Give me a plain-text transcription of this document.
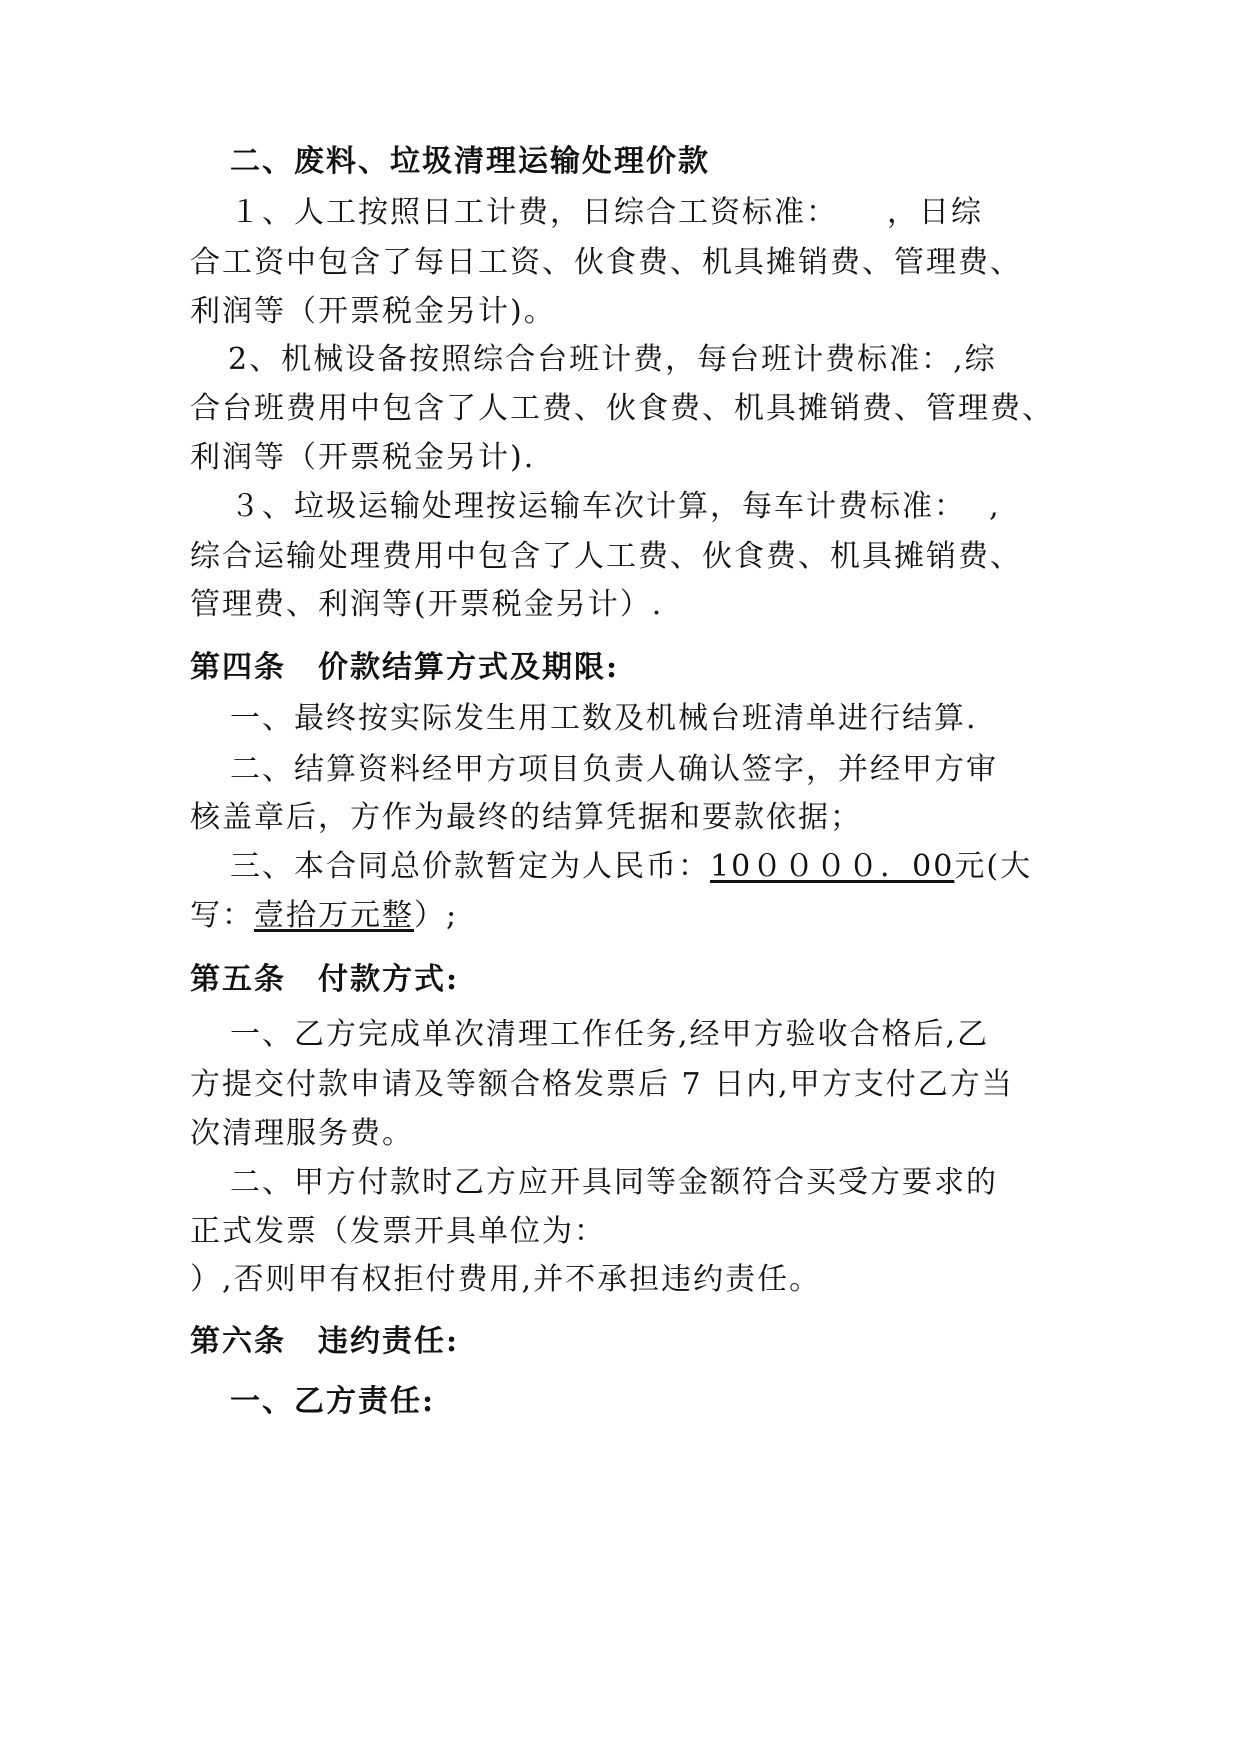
二、废料、垃圾清理运输处理价款
１、人工按照日工计费，日综合工资标准：　　，日综
合工资中包含了每日工资、伙食费、机具摊销费、管理费、
利润等（开票税金另计)。
2、机械设备按照综合台班计费，每台班计费标准：,综
合台班费用中包含了人工费、伙食费、机具摊销费、管理费、
利润等（开票税金另计).
３、垃圾运输处理按运输车次计算，每车计费标准：  ,
综合运输处理费用中包含了人工费、伙食费、机具摊销费、
管理费、利润等(开票税金另计）.
第四条　价款结算方式及期限:
一、最终按实际发生用工数及机械台班清单进行结算.
二、结算资料经甲方项目负责人确认签字，并经甲方审
核盖章后，方作为最终的结算凭据和要款依据；
三、本合同总价款暂定为人民币：10００００．00元(大
写：壹拾万元整）;
第五条　付款方式:
一、乙方完成单次清理工作任务,经甲方验收合格后,乙
方提交付款申请及等额合格发票后 7 日内,甲方支付乙方当
次清理服务费。
二、甲方付款时乙方应开具同等金额符合买受方要求的
正式发票（发票开具单位为：
）,否则甲有权拒付费用,并不承担违约责任。
第六条　违约责任:
一、乙方责任:
